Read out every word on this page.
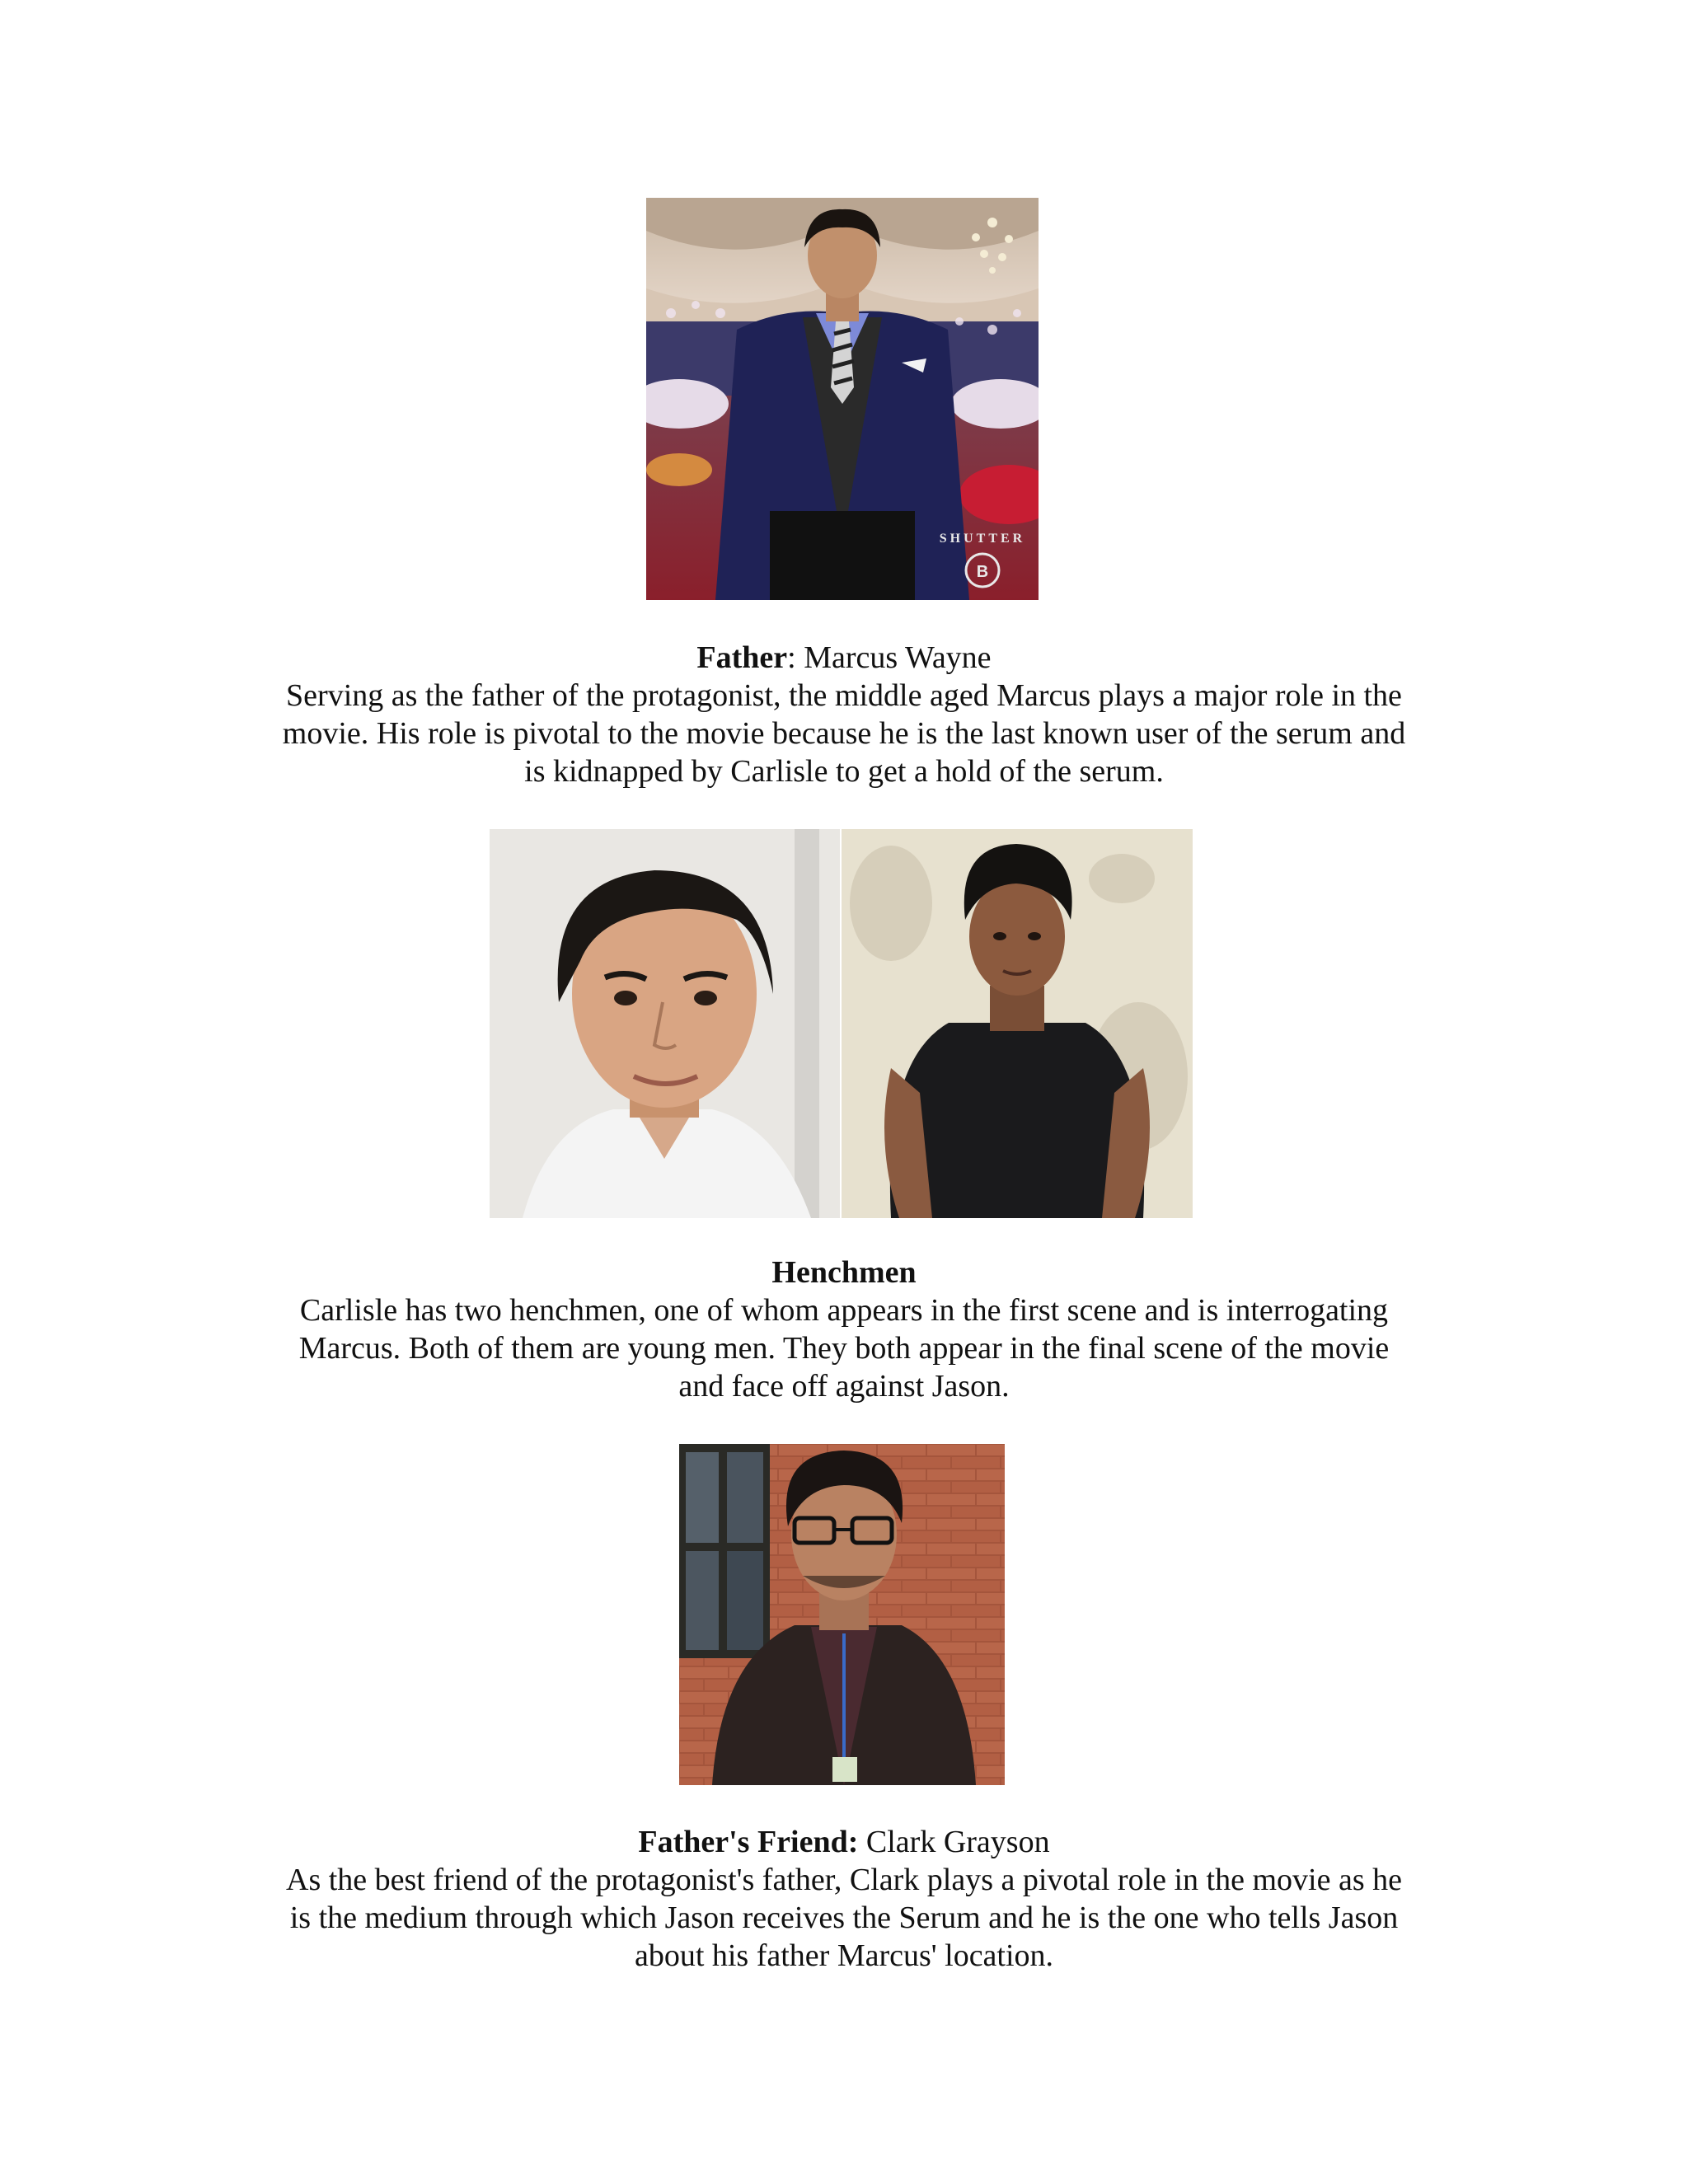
SHUTTER
B

Father: Marcus Wayne

Serving as the father of the protagonist, the middle aged Marcus plays a major role in the

movie. His role is pivotal to the movie because he is the last known user of the serum and

is kidnapped by Carlisle to get a hold of the serum.

Henchmen

Carlisle has two henchmen, one of whom appears in the first scene and is interrogating

Marcus. Both of them are young men. They both appear in the final scene of the movie

and face off against Jason.

Father's Friend: Clark Grayson

As the best friend of the protagonist's father, Clark plays a pivotal role in the movie as he

is the medium through which Jason receives the Serum and he is the one who tells Jason

about his father Marcus' location.
